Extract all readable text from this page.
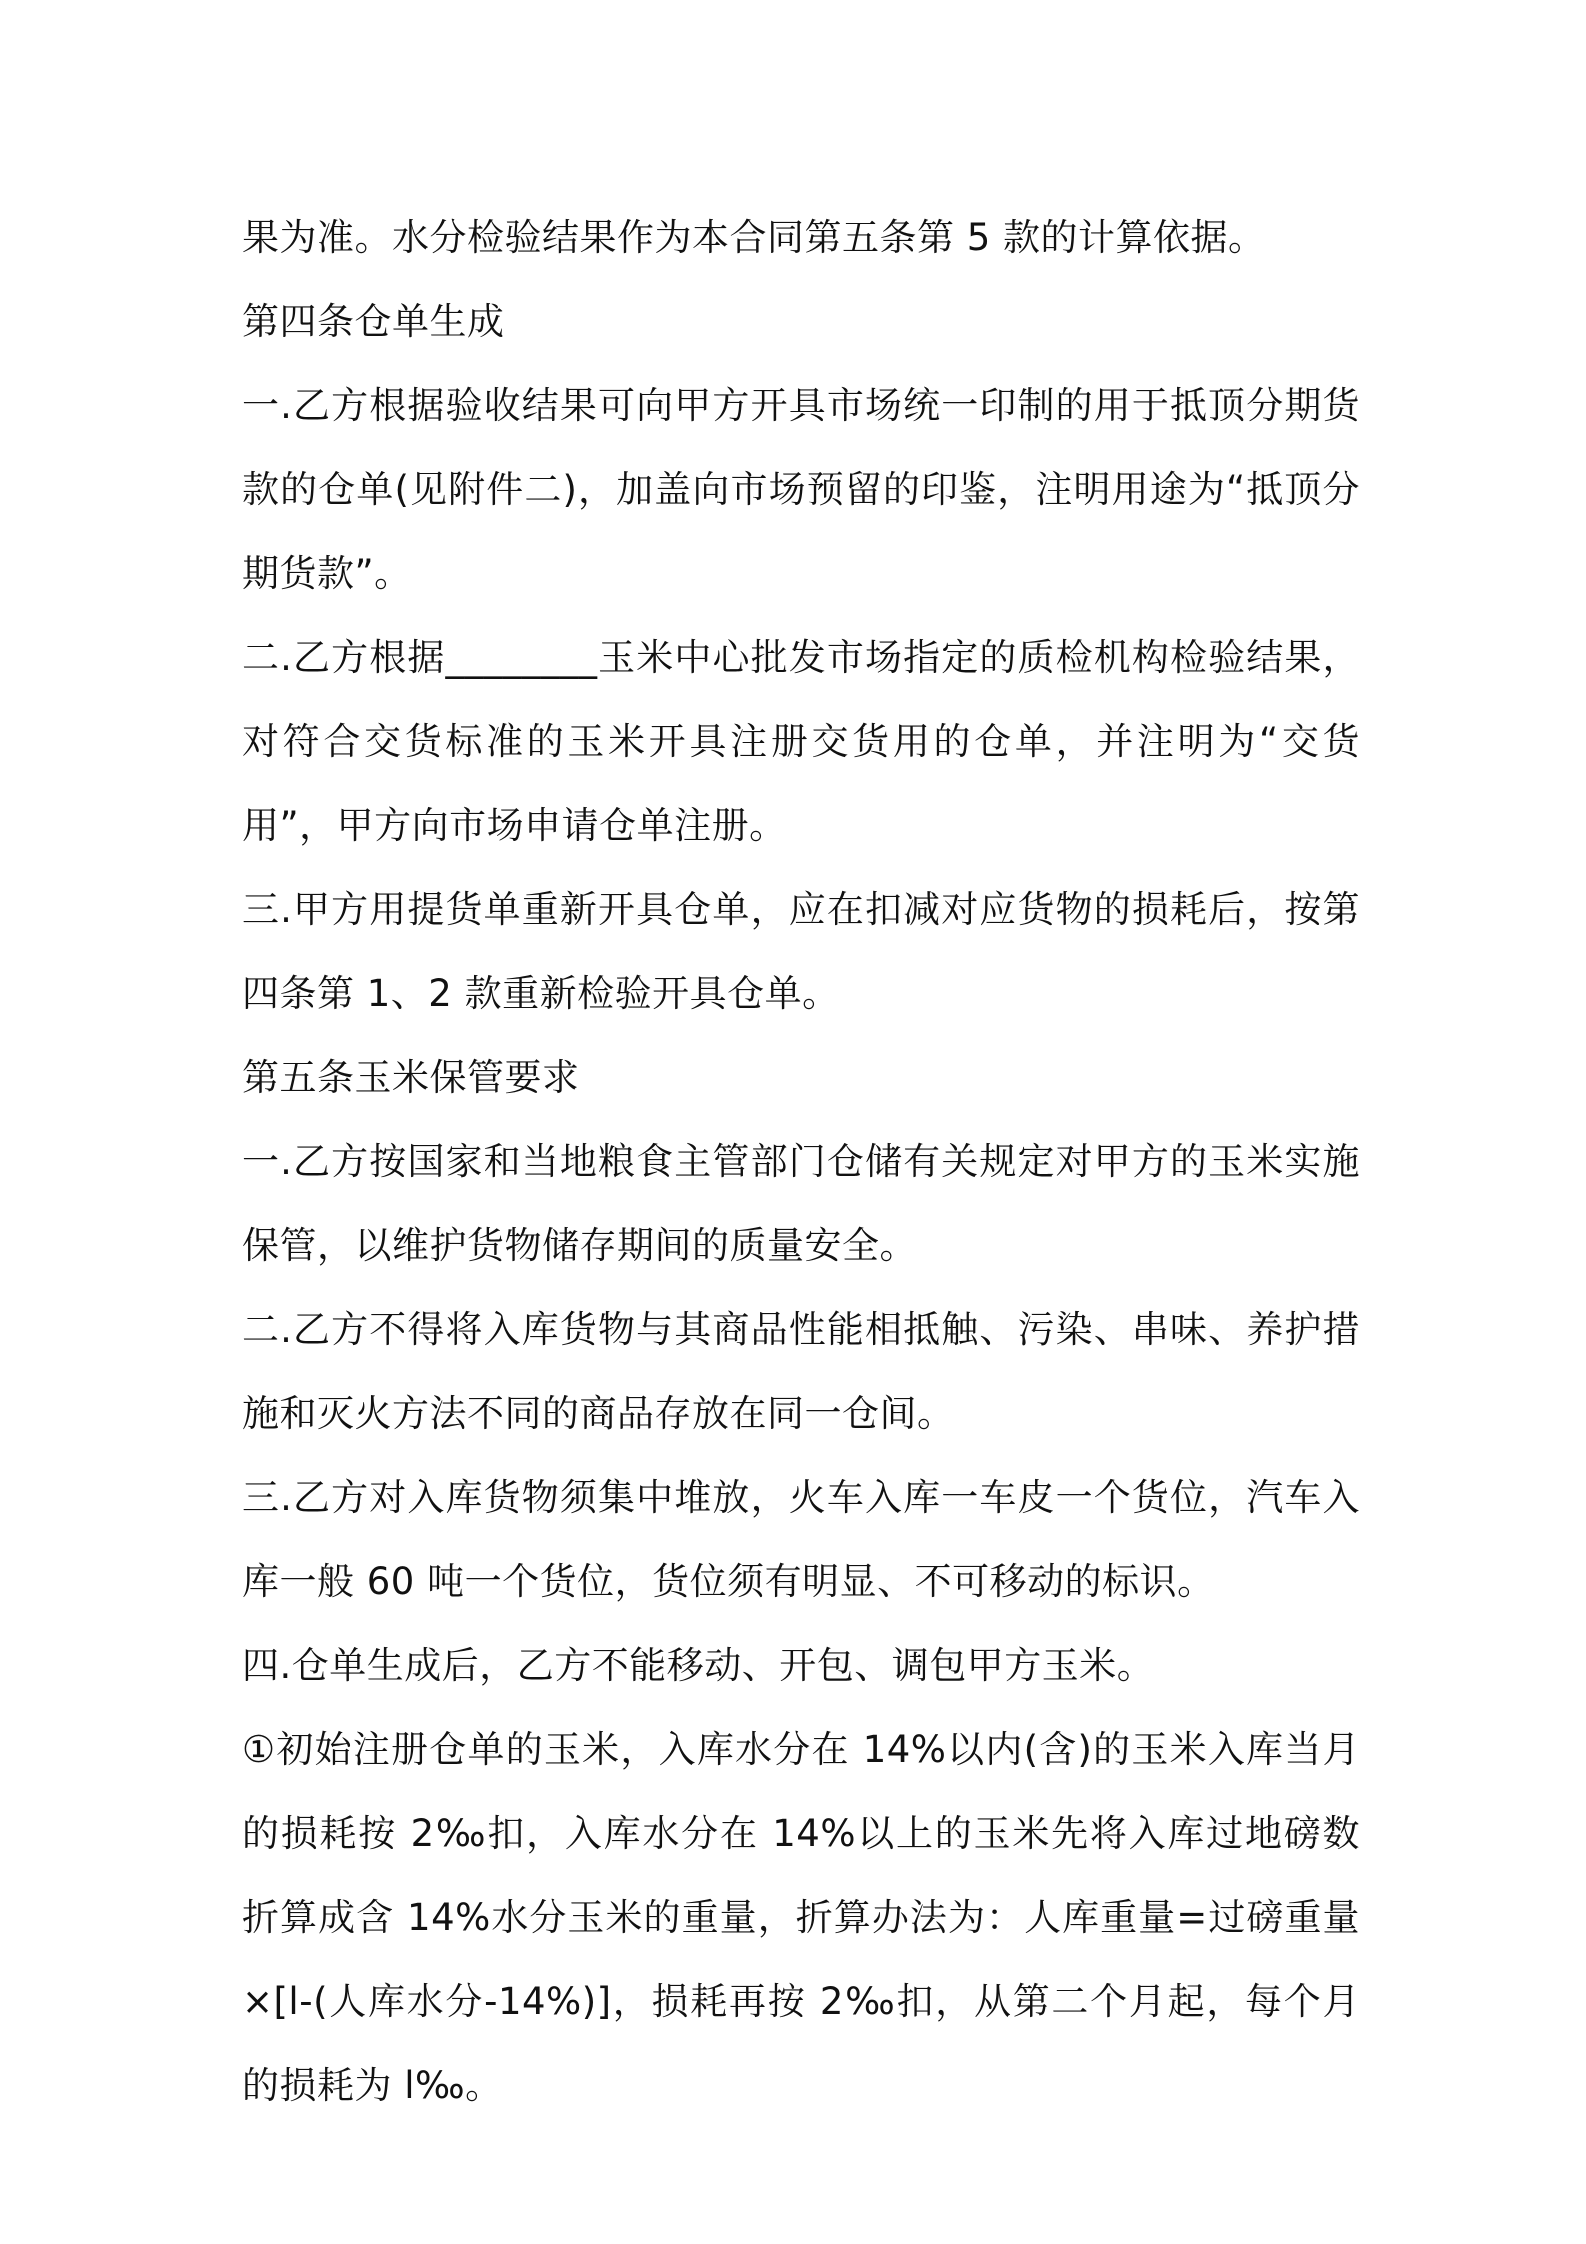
果为准。水分检验结果作为本合同第五条第 5 款的计算依据。

第四条仓单生成

一.乙方根据验收结果可向甲方开具市场统一印制的用于抵顶分期货款的仓单(见附件二)，加盖向市场预留的印鉴，注明用途为“抵顶分期货款”。

二.乙方根据________玉米中心批发市场指定的质检机构检验结果，对符合交货标准的玉米开具注册交货用的仓单，并注明为“交货用”，甲方向市场申请仓单注册。

三.甲方用提货单重新开具仓单，应在扣减对应货物的损耗后，按第四条第 1、2 款重新检验开具仓单。

第五条玉米保管要求

一.乙方按国家和当地粮食主管部门仓储有关规定对甲方的玉米实施保管，以维护货物储存期间的质量安全。

二.乙方不得将入库货物与其商品性能相抵触、污染、串味、养护措施和灭火方法不同的商品存放在同一仓间。

三.乙方对入库货物须集中堆放，火车入库一车皮一个货位，汽车入库一般 60 吨一个货位，货位须有明显、不可移动的标识。

四.仓单生成后，乙方不能移动、开包、调包甲方玉米。

①初始注册仓单的玉米，入库水分在 14%以内(含)的玉米入库当月的损耗按 2‰扣，入库水分在 14%以上的玉米先将入库过地磅数折算成含 14%水分玉米的重量，折算办法为：人库重量=过磅重量×[l-(人库水分-14%)]，损耗再按 2‰扣，从第二个月起，每个月的损耗为 l‰。
